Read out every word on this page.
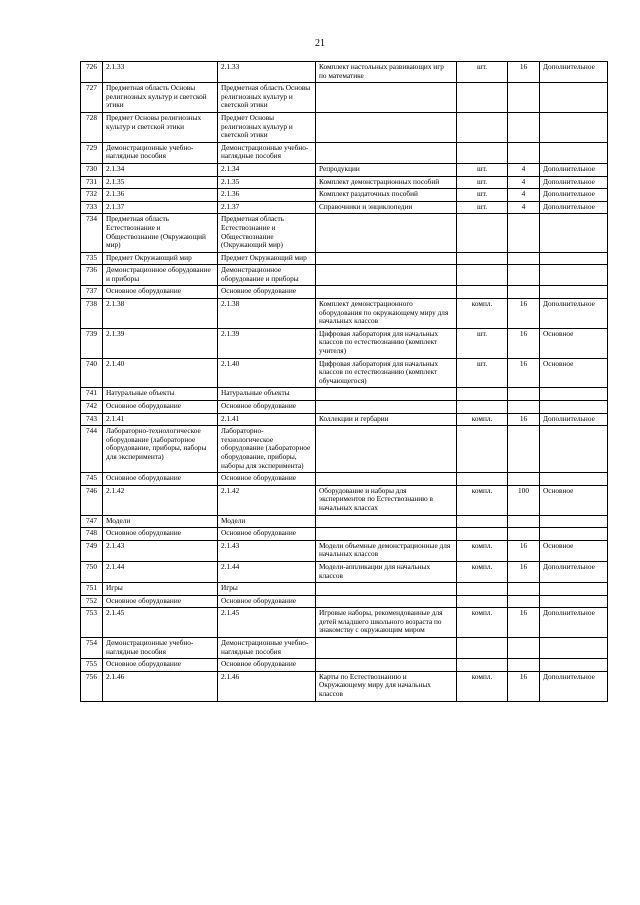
21
726	2.1.33	2.1.33	Комплект настольных развивающих игр по математике	шт.	16	Дополнительное
727	Предметная область Основы религиозных культур и светской этики	Предметная область Основы религиозных культур и светской этики				
728	Предмет Основы религиозных культур и светской этики	Предмет Основы религиозных культур и светской этики				
729	Демонстрационные учебно-наглядные пособия	Демонстрационные учебно-наглядные пособия				
730	2.1.34	2.1.34	Репродукции	шт.	4	Дополнительное
731	2.1.35	2.1.35	Комплект демонстрационных пособий	шт.	4	Дополнительное
732	2.1.36	2.1.36	Комплект раздаточных пособий	шт.	4	Дополнительное
733	2.1.37	2.1.37	Справочники и энциклопедии	шт.	4	Дополнительное
734	Предметная область Естествознание и Обществознание (Окружающий мир)	Предметная область Естествознание и Обществознание (Окружающий мир)				
735	Предмет Окружающий мир	Предмет Окружающий мир				
736	Демонстрационное оборудование и приборы	Демонстрационное оборудование и приборы				
737	Основное оборудование	Основное оборудование				
738	2.1.38	2.1.38	Комплект демонстрационного оборудования по окружающему миру для начальных классов	компл.	16	Дополнительное
739	2.1.39	2.1.39	Цифровая лаборатория для начальных классов по естествознанию (комплект учителя)	шт.	16	Основное
740	2.1.40	2.1.40	Цифровая лаборатория для начальных классов по естествознанию (комплект обучающегося)	шт.	16	Основное
741	Натуральные объекты	Натуральные объекты				
742	Основное оборудование	Основное оборудование				
743	2.1.41	2.1.41	Коллекции и гербарии	компл.	16	Дополнительное
744	Лабораторно-технологическое оборудование (лабораторное оборудование, приборы, наборы для эксперимента)	Лабораторно-технологическое оборудование (лабораторное оборудование, приборы, наборы для эксперимента)				
745	Основное оборудование	Основное оборудование				
746	2.1.42	2.1.42	Оборудование и наборы для экспериментов по Естествознанию в начальных классах	компл.	100	Основное
747	Модели	Модели				
748	Основное оборудование	Основное оборудование				
749	2.1.43	2.1.43	Модели объемные демонстрационные для начальных классов	компл.	16	Основное
750	2.1.44	2.1.44	Модели-аппликации для начальных классов	компл.	16	Дополнительное
751	Игры	Игры				
752	Основное оборудование	Основное оборудование				
753	2.1.45	2.1.45	Игровые наборы, рекомендованные для детей младшего школьного возраста по знакомству с окружающим миром	компл.	16	Дополнительное
754	Демонстрационные учебно-наглядные пособия	Демонстрационные учебно-наглядные пособия				
755	Основное оборудование	Основное оборудование				
756	2.1.46	2.1.46	Карты по Естествознанию и Окружающему миру для начальных классов	компл.	16	Дополнительное
